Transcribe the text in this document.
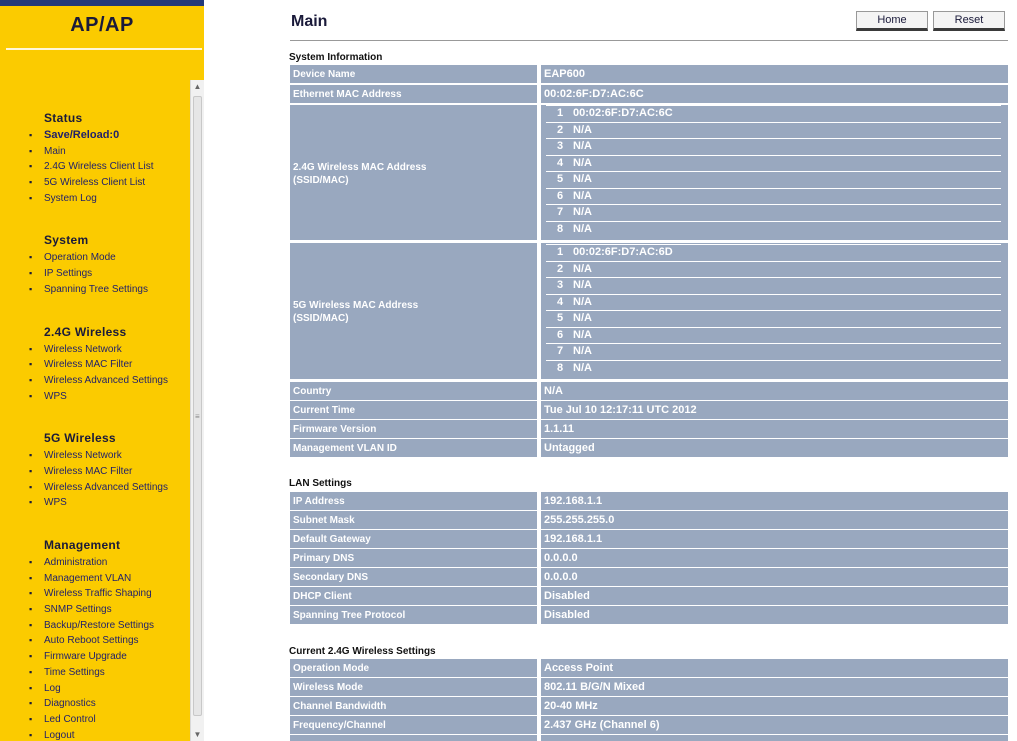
AP/AP
Status
▪ Save/Reload:0
▪ Main
▪ 2.4G Wireless Client List
▪ 5G Wireless Client List
▪ System Log
System
▪ Operation Mode
▪ IP Settings
▪ Spanning Tree Settings
2.4G Wireless
▪ Wireless Network
▪ Wireless MAC Filter
▪ Wireless Advanced Settings
▪ WPS
5G Wireless
▪ Wireless Network
▪ Wireless MAC Filter
▪ Wireless Advanced Settings
▪ WPS
Management
▪ Administration
▪ Management VLAN
▪ Wireless Traffic Shaping
▪ SNMP Settings
▪ Backup/Restore Settings
▪ Auto Reboot Settings
▪ Firmware Upgrade
▪ Time Settings
▪ Log
▪ Diagnostics
▪ Led Control
▪ Logout
▲
≡
▼
Main	Home	Reset
System Information
Device Name	EAP600
Ethernet MAC Address	00:02:6F:D7:AC:6C
2.4G Wireless MAC Address
(SSID/MAC)
1 00:02:6F:D7:AC:6C
2 N/A
3 N/A
4 N/A
5 N/A
6 N/A
7 N/A
8 N/A
5G Wireless MAC Address
(SSID/MAC)
1 00:02:6F:D7:AC:6D
2 N/A
3 N/A
4 N/A
5 N/A
6 N/A
7 N/A
8 N/A
Country	N/A
Current Time	Tue Jul 10 12:17:11 UTC 2012
Firmware Version	1.1.11
Management VLAN ID	Untagged
LAN Settings
IP Address	192.168.1.1
Subnet Mask	255.255.255.0
Default Gateway	192.168.1.1
Primary DNS	0.0.0.0
Secondary DNS	0.0.0.0
DHCP Client	Disabled
Spanning Tree Protocol	Disabled
Current 2.4G Wireless Settings
Operation Mode	Access Point
Wireless Mode	802.11 B/G/N Mixed
Channel Bandwidth	20-40 MHz
Frequency/Channel	2.437 GHz (Channel 6)
